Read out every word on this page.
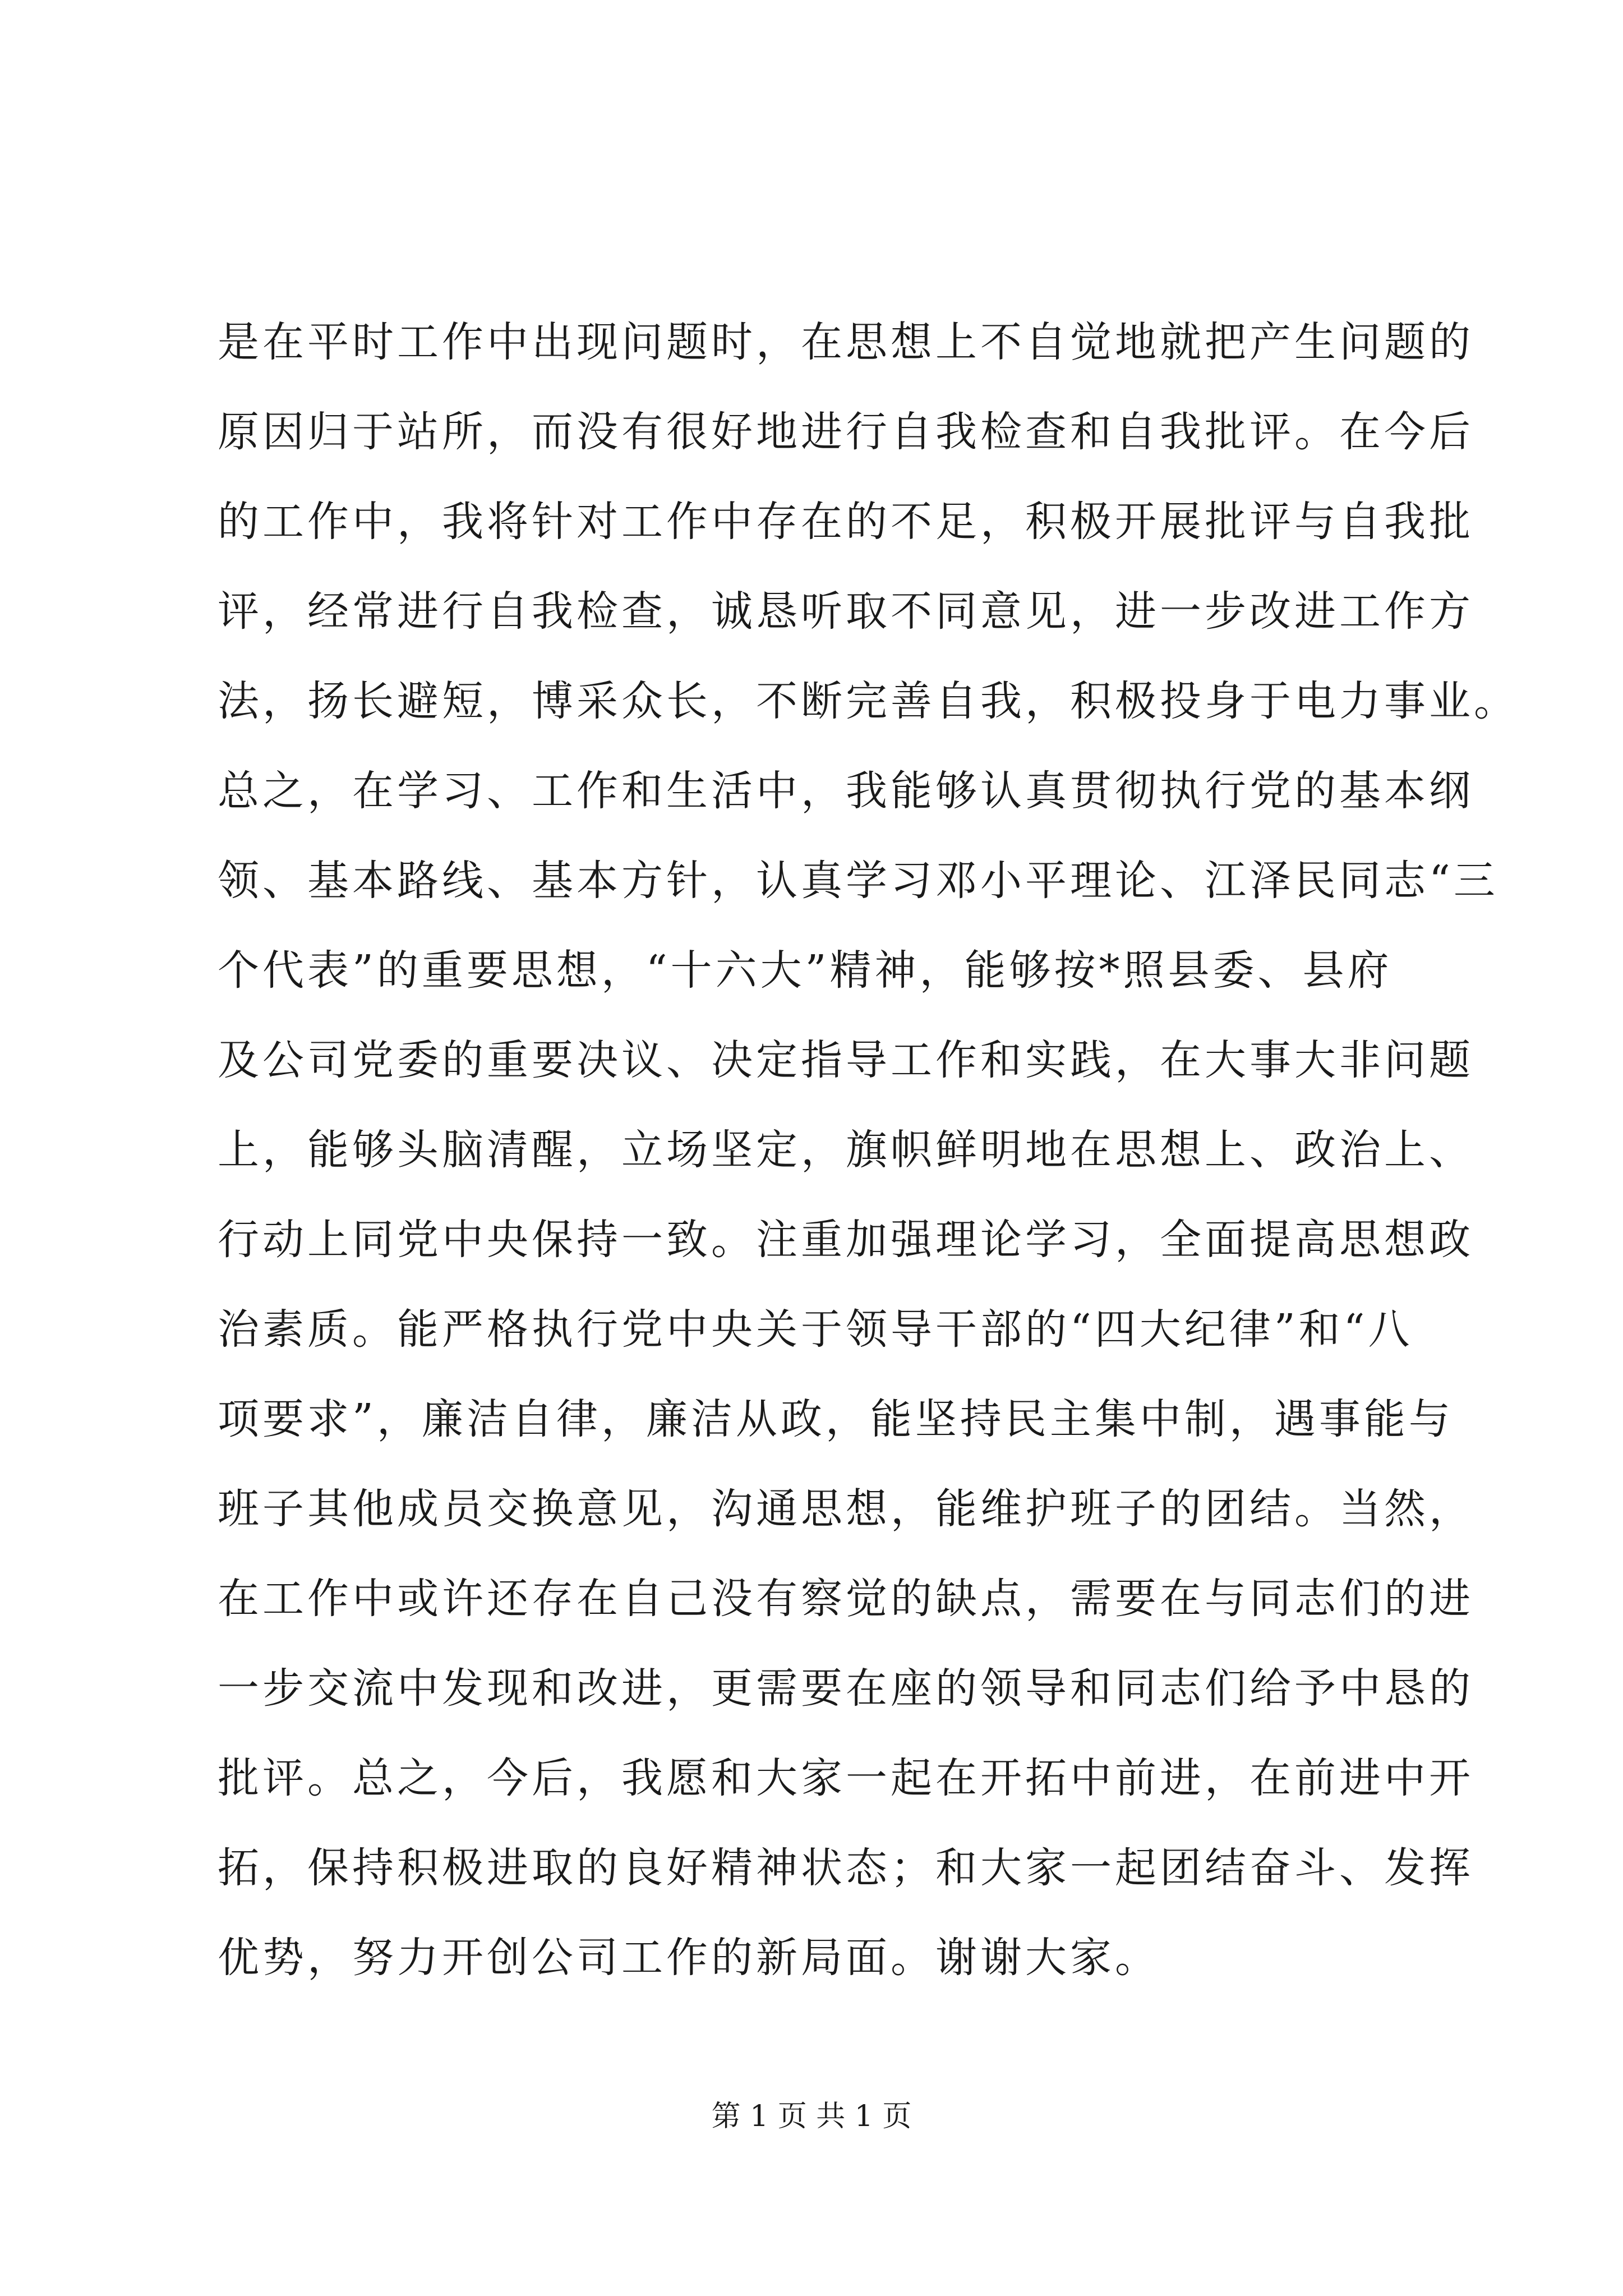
是在平时工作中出现问题时，在思想上不自觉地就把产生问题的
原因归于站所，而没有很好地进行自我检查和自我批评。在今后
的工作中，我将针对工作中存在的不足，积极开展批评与自我批
评，经常进行自我检查，诚恳听取不同意见，进一步改进工作方
法，扬长避短，博采众长，不断完善自我，积极投身于电力事业。
总之，在学习、工作和生活中，我能够认真贯彻执行党的基本纲
领、基本路线、基本方针，认真学习邓小平理论、江泽民同志“三
个代表”的重要思想，“十六大”精神，能够按*照县委、县府
及公司党委的重要决议、决定指导工作和实践，在大事大非问题
上，能够头脑清醒，立场坚定，旗帜鲜明地在思想上、政治上、
行动上同党中央保持一致。注重加强理论学习，全面提高思想政
治素质。能严格执行党中央关于领导干部的“四大纪律”和“八
项要求”，廉洁自律，廉洁从政，能坚持民主集中制，遇事能与
班子其他成员交换意见，沟通思想，能维护班子的团结。当然，
在工作中或许还存在自己没有察觉的缺点，需要在与同志们的进
一步交流中发现和改进，更需要在座的领导和同志们给予中恳的
批评。总之，今后，我愿和大家一起在开拓中前进，在前进中开
拓，保持积极进取的良好精神状态；和大家一起团结奋斗、发挥
优势，努力开创公司工作的新局面。谢谢大家。
第 1 页 共 1 页
